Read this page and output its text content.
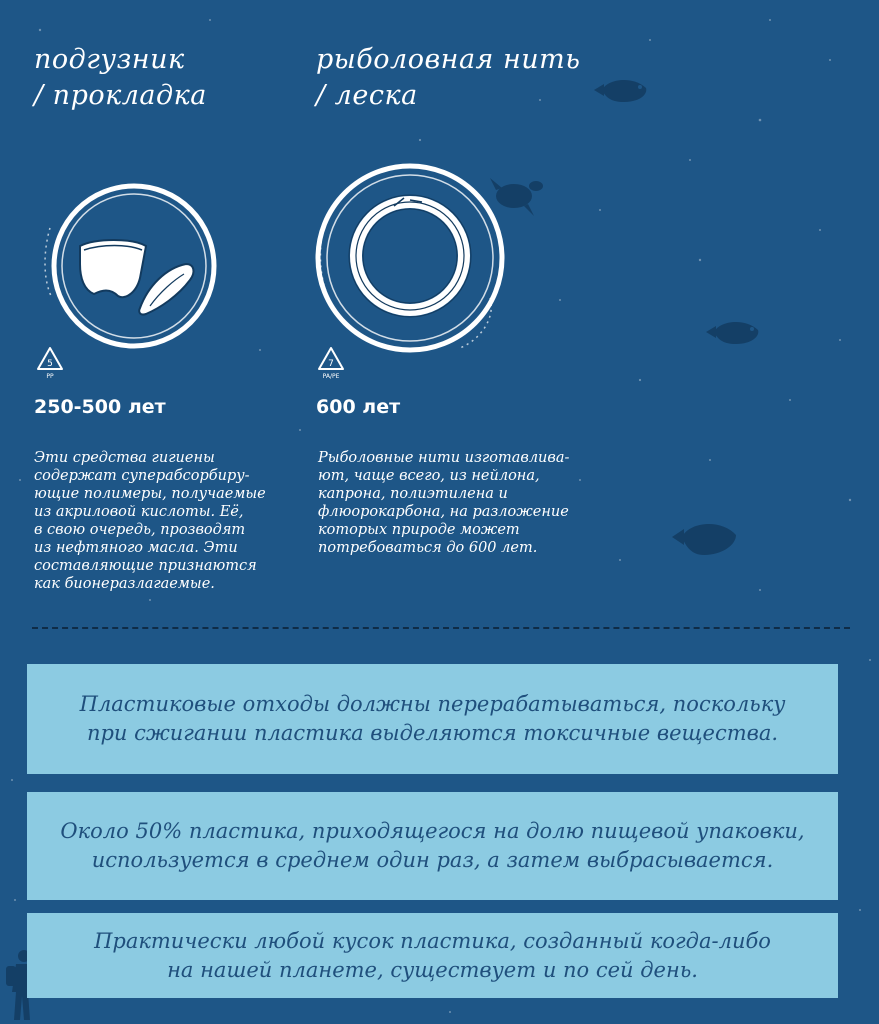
подгузник

/ прокладка

5
PP
250-500 лет
Эти средства гигиены
содержат суперабсорбиру-
ющие полимеры, получаемые
из акриловой кислоты. Её,
в свою очередь, прозводят
из нефтяного масла. Эти
составляющие признаются
как бионеразлагаемые.

рыболовная нить

/ леска

7
PA/PE
600 лет
Рыболовные нити изготавлива-
ют, чаще всего, из нейлона,
капрона, полиэтилена и
флюорокарбона, на разложение
которых природе может
потребоваться до 600 лет.
Пластиковые отходы должны перерабатываться, поскольку
при сжигании пластика выделяются токсичные вещества.
Около 50% пластика, приходящегося на долю пищевой упаковки,
используется в среднем один раз, а затем выбрасывается.
Практически любой кусок пластика, созданный когда-либо
на нашей планете, существует и по сей день.
